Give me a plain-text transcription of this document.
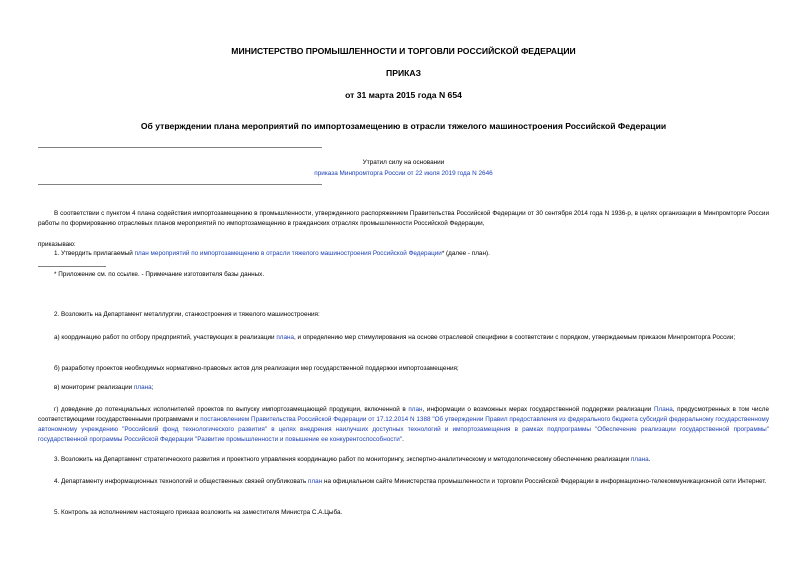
МИНИСТЕРСТВО ПРОМЫШЛЕННОСТИ И ТОРГОВЛИ РОССИЙСКОЙ ФЕДЕРАЦИИ
ПРИКАЗ
от 31 марта 2015 года N 654
Об утверждении плана мероприятий по импортозамещению в отрасли тяжелого машиностроения Российской Федерации
Утратил силу на основании
приказа Минпромторга России от 22 июля 2019 года N 2646
В соответствии с пунктом 4 плана содействия импортозамещению в промышленности, утвержденного распоряжением Правительства Российской Федерации от 30 сентября 2014 года N 1936-р, в целях организации в Минпромторге России работы по формированию отраслевых планов мероприятий по импортозамещению в гражданских отраслях промышленности Российской Федерации,
приказываю:
1. Утвердить прилагаемый план мероприятий по импортозамещению в отрасли тяжелого машиностроения Российской Федерации* (далее - план).
* Приложение см. по ссылке. - Примечание изготовителя базы данных.
2. Возложить на Департамент металлургии, станкостроения и тяжелого машиностроения:
а) координацию работ по отбору предприятий, участвующих в реализации плана, и определению мер стимулирования на основе отраслевой специфики в соответствии с порядком, утверждаемым приказом Минпромторга России;
б) разработку проектов необходимых нормативно-правовых актов для реализации мер государственной поддержки импортозамещения;
в) мониторинг реализации плана;
г) доведение до потенциальных исполнителей проектов по выпуску импортозамещающей продукции, включенной в план, информации о возможных мерах государственной поддержки реализации Плана, предусмотренных в том числе соответствующими государственными программами и постановлением Правительства Российской Федерации от 17.12.2014 N 1388 "Об утверждении Правил предоставления из федерального бюджета субсидий федеральному государственному автономному учреждению "Российский фонд технологического развития" в целях внедрения наилучших доступных технологий и импортозамещения в рамках подпрограммы "Обеспечение реализации государственной программы" государственной программы Российской Федерации "Развитие промышленности и повышение ее конкурентоспособности".
3. Возложить на Департамент стратегического развития и проектного управления координацию работ по мониторингу, экспертно-аналитическому и методологическому обеспечению реализации плана.
4. Департаменту информационных технологий и общественных связей опубликовать план на официальном сайте Министерства промышленности и торговли Российской Федерации в информационно-телекоммуникационной сети Интернет.
5. Контроль за исполнением настоящего приказа возложить на заместителя Министра С.А.Цыба.
